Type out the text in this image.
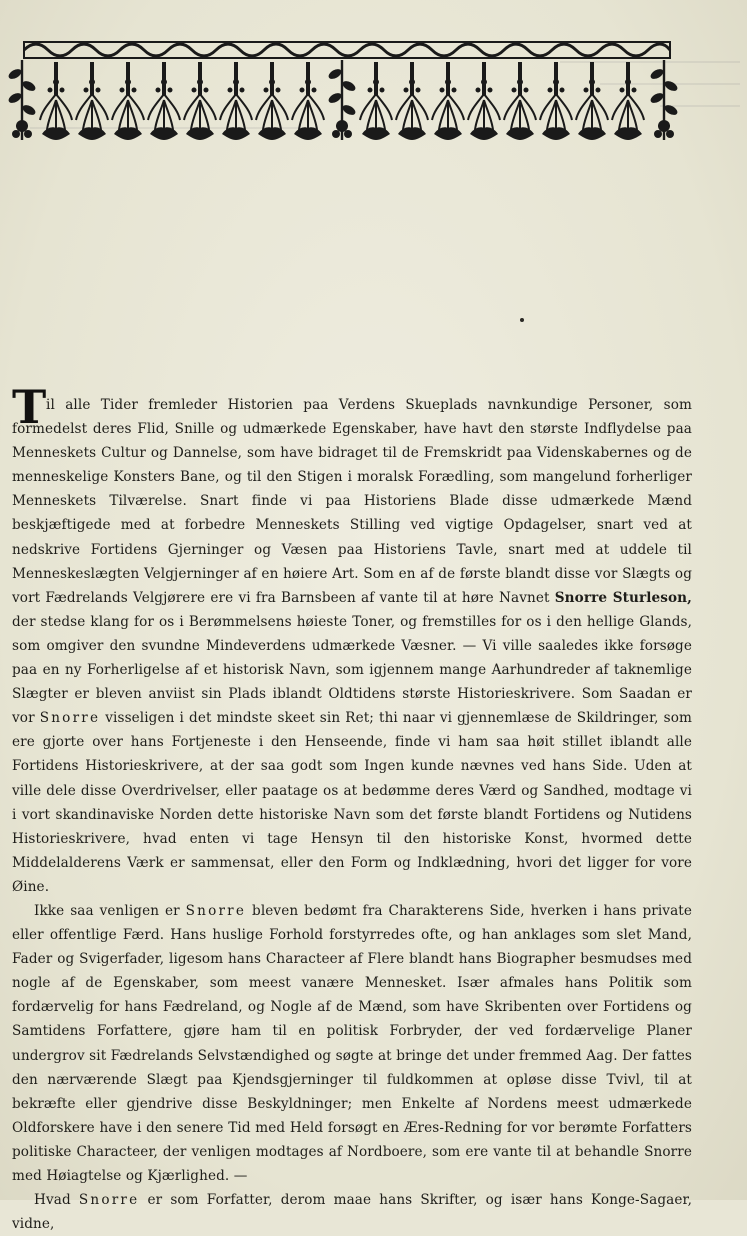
T il alle Tider fremleder Historien paa Verdens Skueplads navnkundige Personer, som formedelst deres Flid, Snille og udmærkede Egenskaber, have havt den største Indflydelse paa Menneskets Cultur og Dannelse, som have bidraget til de Fremskridt paa Videnskabernes og de menneskelige Konsters Bane, og til den Stigen i moralsk Forædling, som mangelund forherliger Menneskets Tilværelse. Snart finde vi paa Historiens Blade disse udmærkede Mænd beskjæftigede med at forbedre Menneskets Stilling ved vigtige Opdagelser, snart ved at nedskrive Fortidens Gjerninger og Væsen paa Historiens Tavle, snart med at uddele til Menneskeslægten Velgjerninger af en høiere Art. Som en af de første blandt disse vor Slægts og vort Fædrelands Velgjørere ere vi fra Barnsbeen af vante til at høre Navnet Snorre Sturleson, der stedse klang for os i Berømmelsens høieste Toner, og fremstilles for os i den hellige Glands, som omgiver den svundne Mindeverdens udmærkede Væsner. — Vi ville saaledes ikke forsøge paa en ny Forherligelse af et historisk Navn, som igjennem mange Aarhundreder af taknemlige Slægter er bleven anviist sin Plads iblandt Oldtidens største Historieskrivere. Som Saadan er vor Snorre visseligen i det mindste skeet sin Ret; thi naar vi gjennemlæse de Skildringer, som ere gjorte over hans Fortjeneste i den Henseende, finde vi ham saa høit stillet iblandt alle Fortidens Historieskrivere, at der saa godt som Ingen kunde nævnes ved hans Side. Uden at ville dele disse Overdrivelser, eller paatage os at bedømme deres Værd og Sandhed, modtage vi i vort skandinaviske Norden dette historiske Navn som det første blandt Fortidens og Nutidens Historieskrivere, hvad enten vi tage Hensyn til den historiske Konst, hvormed dette Middelalderens Værk er sammensat, eller den Form og Indklædning, hvori det ligger for vore Øine.

Ikke saa venligen er Snorre bleven bedømt fra Charakterens Side, hverken i hans private eller offentlige Færd. Hans huslige Forhold forstyrredes ofte, og han anklages som slet Mand, Fader og Svigerfader, ligesom hans Characteer af Flere blandt hans Biographer besmudses med nogle af de Egenskaber, som meest vanære Mennesket. Især afmales hans Politik som fordærvelig for hans Fædreland, og Nogle af de Mænd, som have Skribenten over Fortidens og Samtidens Forfattere, gjøre ham til en politisk Forbryder, der ved fordærvelige Planer undergrov sit Fædrelands Selvstændighed og søgte at bringe det under fremmed Aag. Der fattes den nærværende Slægt paa Kjendsgjerninger til fuldkommen at opløse disse Tvivl, til at bekræfte eller gjendrive disse Beskyldninger; men Enkelte af Nordens meest udmærkede Oldforskere have i den senere Tid med Held forsøgt en Æres-Redning for vor berømte Forfatters politiske Characteer, der venligen modtages af Nordboere, som ere vante til at behandle Snorre med Høiagtelse og Kjærlighed. —

Hvad Snorre er som Forfatter, derom maae hans Skrifter, og især hans Konge-Sagaer, vidne,
